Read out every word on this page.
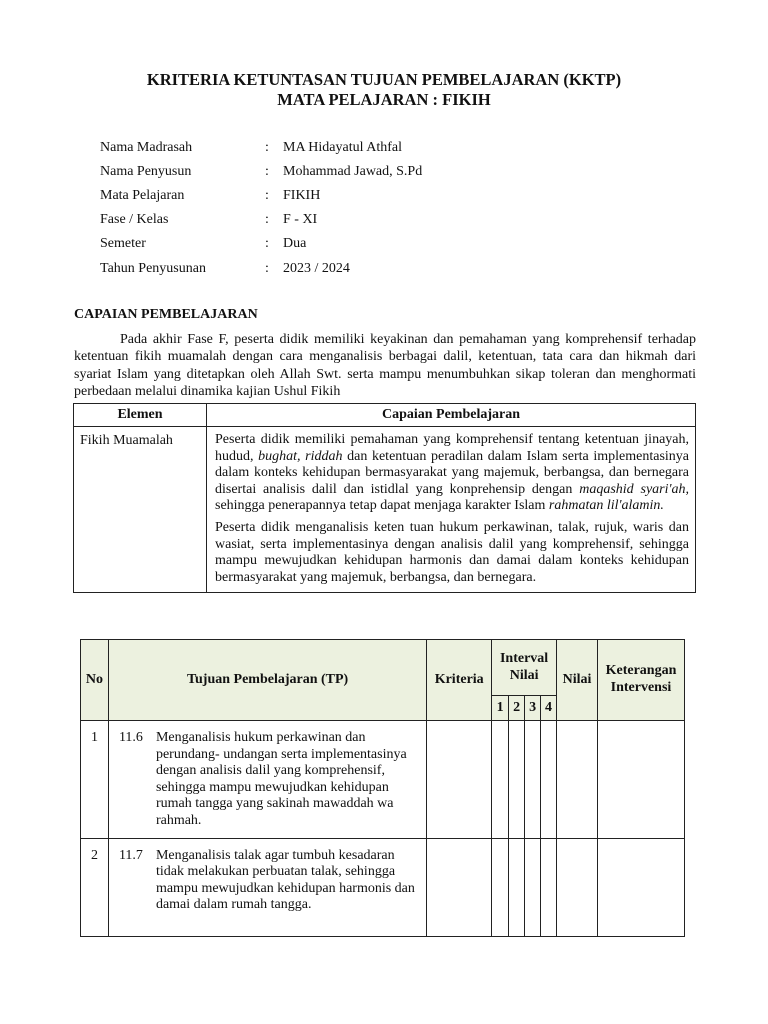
KRITERIA KETUNTASAN TUJUAN PEMBELAJARAN (KKTP)
MATA PELAJARAN : FIKIH
Nama Madrasah	: MA Hidayatul Athfal
Nama Penyusun	: Mohammad Jawad, S.Pd
Mata Pelajaran	: FIKIH
Fase / Kelas	: F - XI
Semeter	: Dua
Tahun Penyusunan	: 2023 / 2024
CAPAIAN PEMBELAJARAN
Pada akhir Fase F, peserta didik memiliki keyakinan dan pemahaman yang komprehensif terhadap ketentuan fikih muamalah dengan cara menganalisis berbagai dalil, ketentuan, tata cara dan hikmah dari syariat Islam yang ditetapkan oleh Allah Swt. serta mampu menumbuhkan sikap toleran dan menghormati perbedaan melalui dinamika kajian Ushul Fikih
Elemen	Capaian Pembelajaran
Fikih Muamalah	Peserta didik memiliki pemahaman yang komprehensif tentang ketentuan jinayah, hudud, bughat, riddah dan ketentuan peradilan dalam Islam serta implementasinya dalam konteks kehidupan bermasyarakat yang majemuk, berbangsa, dan bernegara disertai analisis dalil dan istidlal yang konprehensip dengan maqashid syari'ah, sehingga penerapannya tetap dapat menjaga karakter Islam rahmatan lil'alamin.

Peserta didik menganalisis keten tuan hukum perkawinan, talak, rujuk, waris dan wasiat, serta implementasinya dengan analisis dalil yang komprehensif, sehingga mampu mewujudkan kehidupan harmonis dan damai dalam konteks kehidupan bermasyarakat yang majemuk, berbangsa, dan bernegara.

No	Tujuan Pembelajaran (TP)	Kriteria	Interval Nilai				Nilai	Keterangan Intervensi
			1	2	3	4		
1	11.6 Menganalisis hukum perkawinan dan perundang- undangan serta implementasinya dengan analisis dalil yang komprehensif, sehingga mampu mewujudkan kehidupan rumah tangga yang sakinah mawaddah wa rahmah.							

2	11.7 Menganalisis talak agar tumbuh kesadaran tidak melakukan perbuatan talak, sehingga mampu mewujudkan kehidupan harmonis dan damai dalam rumah tangga.							
